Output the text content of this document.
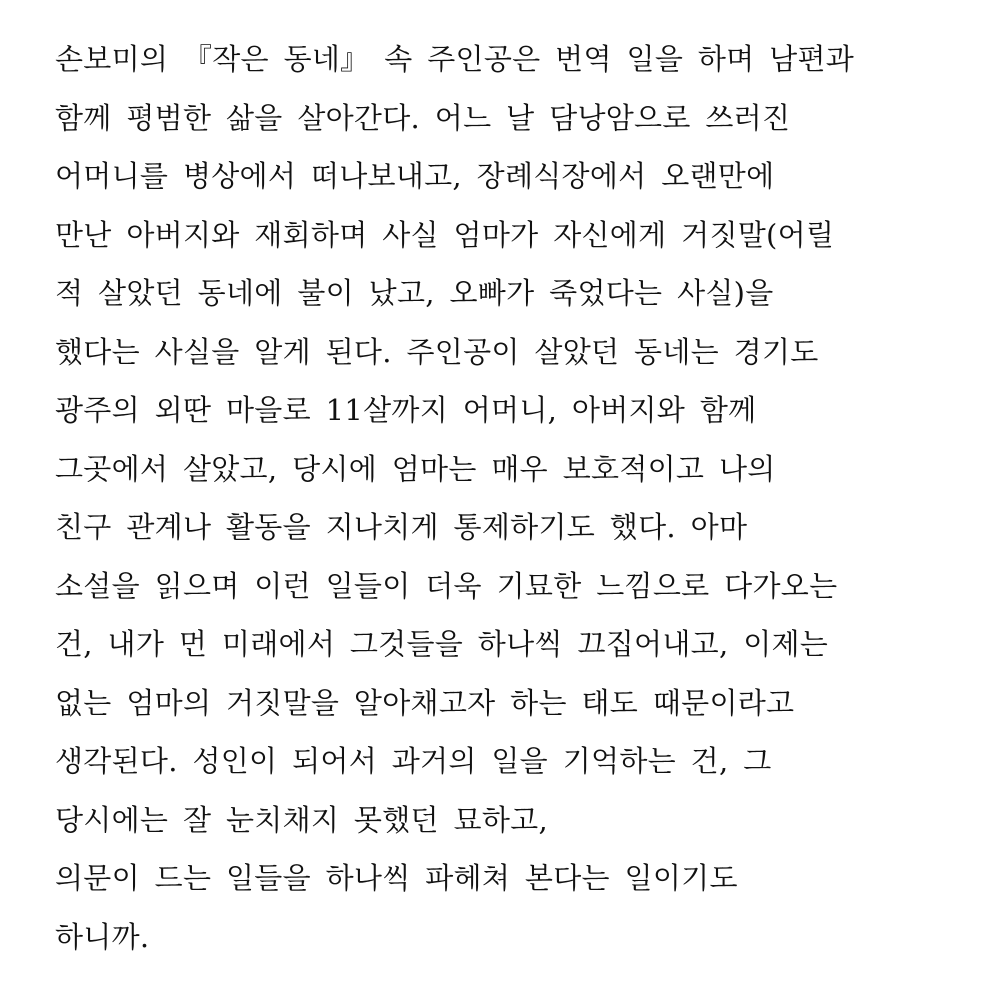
손보미의 『작은 동네』 속 주인공은 번역 일을 하며 남편과
함께 평범한 삶을 살아간다. 어느 날 담낭암으로 쓰러진
어머니를 병상에서 떠나보내고, 장례식장에서 오랜만에
만난 아버지와 재회하며 사실 엄마가 자신에게 거짓말(어릴
적 살았던 동네에 불이 났고, 오빠가 죽었다는 사실)을
했다는 사실을 알게 된다. 주인공이 살았던 동네는 경기도
광주의 외딴 마을로 11살까지 어머니, 아버지와 함께
그곳에서 살았고, 당시에 엄마는 매우 보호적이고 나의
친구 관계나 활동을 지나치게 통제하기도 했다. 아마
소설을 읽으며 이런 일들이 더욱 기묘한 느낌으로 다가오는
건, 내가 먼 미래에서 그것들을 하나씩 끄집어내고, 이제는
없는 엄마의 거짓말을 알아채고자 하는 태도 때문이라고
생각된다. 성인이 되어서 과거의 일을 기억하는 건, 그
당시에는 잘 눈치채지 못했던 묘하고,
의문이 드는 일들을 하나씩 파헤쳐 본다는 일이기도
하니까.
